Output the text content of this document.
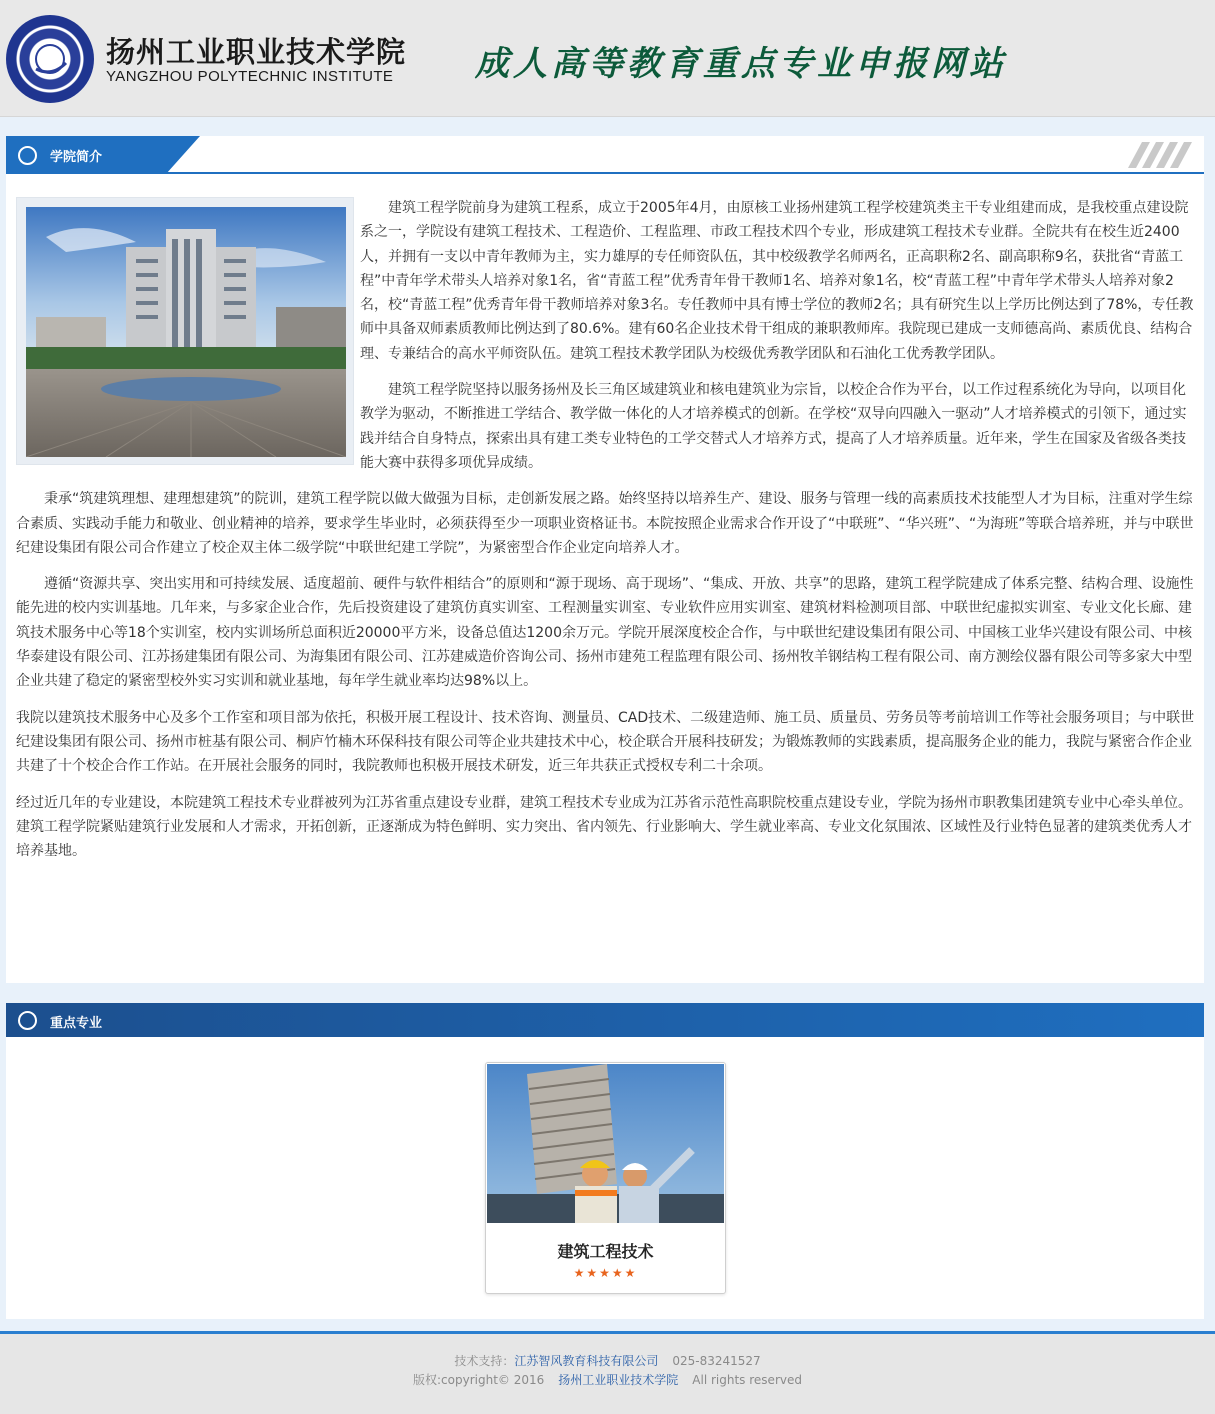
扬州工业职业技术学院
YANGZHOU POLYTECHNIC INSTITUTE 成人高等教育重点专业申报网站
学院简介

建筑工程学院前身为建筑工程系，成立于2005年4月，由原核工业扬州建筑工程学校建筑类主干专业组建而成，是我校重点建设院系之一，学院设有建筑工程技术、工程造价、工程监理、市政工程技术四个专业，形成建筑工程技术专业群。全院共有在校生近2400人，并拥有一支以中青年教师为主，实力雄厚的专任师资队伍，其中校级教学名师两名，正高职称2名、副高职称9名，获批省“青蓝工程”中青年学术带头人培养对象1名，省“青蓝工程”优秀青年骨干教师1名、培养对象1名，校“青蓝工程”中青年学术带头人培养对象2名，校“青蓝工程”优秀青年骨干教师培养对象3名。专任教师中具有博士学位的教师2名；具有研究生以上学历比例达到了78%，专任教师中具备双师素质教师比例达到了80.6%。建有60名企业技术骨干组成的兼职教师库。我院现已建成一支师德高尚、素质优良、结构合理、专兼结合的高水平师资队伍。建筑工程技术教学团队为校级优秀教学团队和石油化工优秀教学团队。

建筑工程学院坚持以服务扬州及长三角区域建筑业和核电建筑业为宗旨，以校企合作为平台，以工作过程系统化为导向，以项目化教学为驱动，不断推进工学结合、教学做一体化的人才培养模式的创新。在学校“双导向四融入一驱动”人才培养模式的引领下，通过实践并结合自身特点，探索出具有建工类专业特色的工学交替式人才培养方式，提高了人才培养质量。近年来，学生在国家及省级各类技能大赛中获得多项优异成绩。

秉承“筑建筑理想、建理想建筑”的院训，建筑工程学院以做大做强为目标，走创新发展之路。始终坚持以培养生产、建设、服务与管理一线的高素质技术技能型人才为目标，注重对学生综合素质、实践动手能力和敬业、创业精神的培养，要求学生毕业时，必须获得至少一项职业资格证书。本院按照企业需求合作开设了“中联班”、“华兴班”、“为海班”等联合培养班，并与中联世纪建设集团有限公司合作建立了校企双主体二级学院“中联世纪建工学院”，为紧密型合作企业定向培养人才。

遵循“资源共享、突出实用和可持续发展、适度超前、硬件与软件相结合”的原则和“源于现场、高于现场”、“集成、开放、共享”的思路，建筑工程学院建成了体系完整、结构合理、设施性能先进的校内实训基地。几年来，与多家企业合作，先后投资建设了建筑仿真实训室、工程测量实训室、专业软件应用实训室、建筑材料检测项目部、中联世纪虚拟实训室、专业文化长廊、建筑技术服务中心等18个实训室，校内实训场所总面积近20000平方米，设备总值达1200余万元。学院开展深度校企合作，与中联世纪建设集团有限公司、中国核工业华兴建设有限公司、中核华泰建设有限公司、江苏扬建集团有限公司、为海集团有限公司、江苏建威造价咨询公司、扬州市建苑工程监理有限公司、扬州牧羊钢结构工程有限公司、南方测绘仪器有限公司等多家大中型企业共建了稳定的紧密型校外实习实训和就业基地，每年学生就业率均达98%以上。

我院以建筑技术服务中心及多个工作室和项目部为依托，积极开展工程设计、技术咨询、测量员、CAD技术、二级建造师、施工员、质量员、劳务员等考前培训工作等社会服务项目；与中联世纪建设集团有限公司、扬州市桩基有限公司、桐庐竹楠木环保科技有限公司等企业共建技术中心，校企联合开展科技研发；为锻炼教师的实践素质，提高服务企业的能力，我院与紧密合作企业共建了十个校企合作工作站。在开展社会服务的同时，我院教师也积极开展技术研发，近三年共获正式授权专利二十余项。

经过近几年的专业建设，本院建筑工程技术专业群被列为江苏省重点建设专业群，建筑工程技术专业成为江苏省示范性高职院校重点建设专业，学院为扬州市职教集团建筑专业中心牵头单位。建筑工程学院紧贴建筑行业发展和人才需求，开拓创新，正逐渐成为特色鲜明、实力突出、省内领先、行业影响大、学生就业率高、专业文化氛围浓、区域性及行业特色显著的建筑类优秀人才培养基地。

重点专业
建筑工程技术
★★★★★
技术支持：江苏智风教育科技有限公司 025-83241527
版权:copyright© 2016 扬州工业职业技术学院 All rights reserved
